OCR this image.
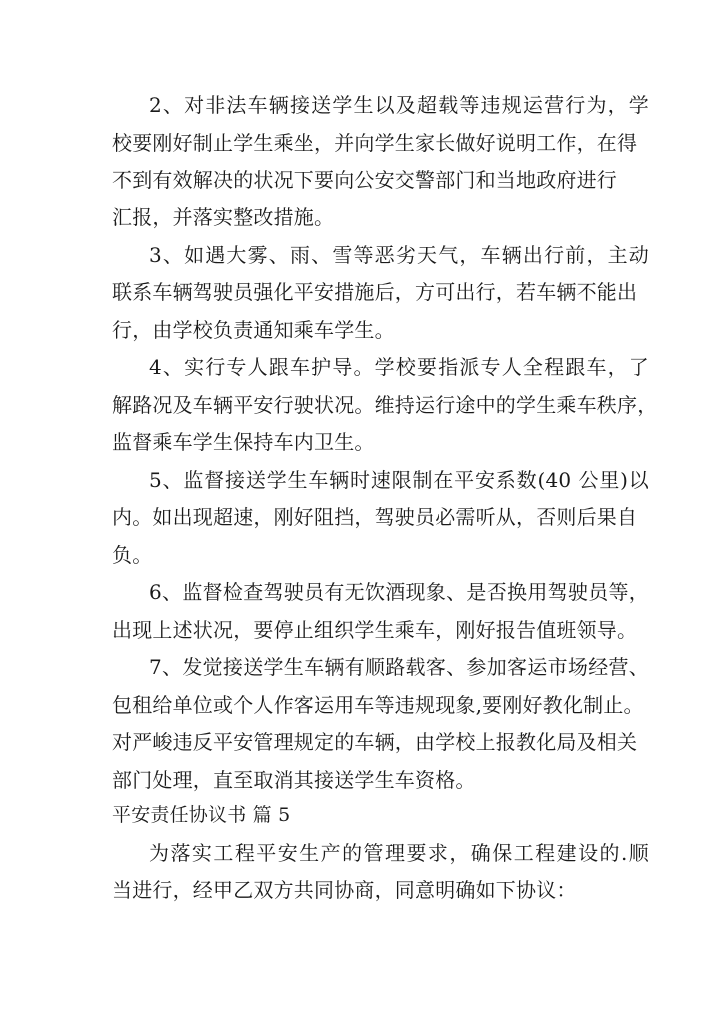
2、对非法车辆接送学生以及超载等违规运营行为，学
校要刚好制止学生乘坐，并向学生家长做好说明工作，在得
不到有效解决的状况下要向公安交警部门和当地政府进行
汇报，并落实整改措施。
3、如遇大雾、雨、雪等恶劣天气，车辆出行前，主动
联系车辆驾驶员强化平安措施后，方可出行，若车辆不能出
行，由学校负责通知乘车学生。
4、实行专人跟车护导。学校要指派专人全程跟车，了
解路况及车辆平安行驶状况。维持运行途中的学生乘车秩序，
监督乘车学生保持车内卫生。
5、监督接送学生车辆时速限制在平安系数(40 公里)以
内。如出现超速，刚好阻挡，驾驶员必需听从，否则后果自
负。
6、监督检查驾驶员有无饮酒现象、是否换用驾驶员等，
出现上述状况，要停止组织学生乘车，刚好报告值班领导。
7、发觉接送学生车辆有顺路载客、参加客运市场经营、
包租给单位或个人作客运用车等违规现象,要刚好教化制止。
对严峻违反平安管理规定的车辆，由学校上报教化局及相关
部门处理，直至取消其接送学生车资格。
平安责任协议书 篇 5
为落实工程平安生产的管理要求，确保工程建设的.顺
当进行，经甲乙双方共同协商，同意明确如下协议：
